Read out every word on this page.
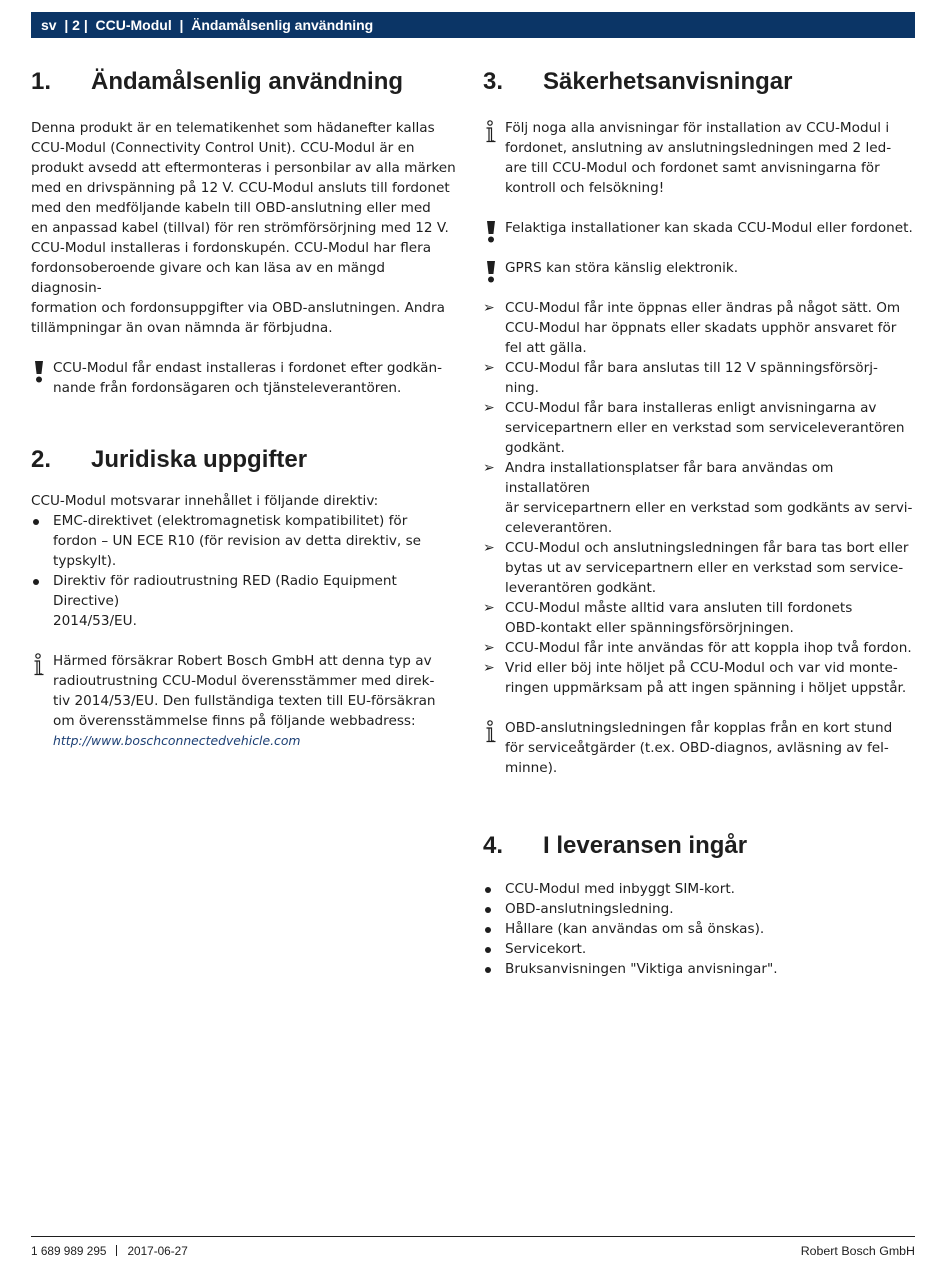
sv  | 2 |  CCU-Modul  |  Ändamålsenlig användning
1. Ändamålsenlig användning

Denna produkt är en telematikenhet som hädanefter kallas
CCU-Modul (Connectivity Control Unit). CCU-Modul är en
produkt avsedd att eftermonteras i personbilar av alla märken
med en drivspänning på 12 V. CCU-Modul ansluts till fordonet
med den medföljande kabeln till OBD-anslutning eller med
en anpassad kabel (tillval) för ren strömförsörjning med 12 V.
CCU-Modul installeras i fordonskupén. CCU-Modul har flera
fordonsoberoende givare och kan läsa av en mängd diagnosin-
formation och fordonsuppgifter via OBD-anslutningen. Andra
tillämpningar än ovan nämnda är förbjudna.

CCU-Modul får endast installeras i fordonet efter godkän-
nande från fordonsägaren och tjänsteleverantören.
2. Juridiska uppgifter

CCU-Modul motsvarar innehållet i följande direktiv:

EMC-direktivet (elektromagnetisk kompatibilitet) för
fordon – UN ECE R10 (för revision av detta direktiv, se
typskylt).
Direktiv för radioutrustning RED (Radio Equipment Directive)
2014/53/EU.
Härmed försäkrar Robert Bosch GmbH att denna typ av
radioutrustning CCU-Modul överensstämmer med direk-
tiv 2014/53/EU. Den fullständiga texten till EU-försäkran
om överensstämmelse finns på följande webbadress:
http://www.boschconnectedvehicle.com
3. Säkerhetsanvisningar
Följ noga alla anvisningar för installation av CCU-Modul i
fordonet, anslutning av anslutningsledningen med 2 led-
are till CCU-Modul och fordonet samt anvisningarna för
kontroll och felsökning!
Felaktiga installationer kan skada CCU-Modul eller fordonet.
GPRS kan störa känslig elektronik.
➢ CCU-Modul får inte öppnas eller ändras på något sätt. Om
CCU-Modul har öppnats eller skadats upphör ansvaret för
fel att gälla.
➢ CCU-Modul får bara anslutas till 12 V spänningsförsörj-
ning.
➢ CCU-Modul får bara installeras enligt anvisningarna av
servicepartnern eller en verkstad som serviceleverantören
godkänt.
➢ Andra installationsplatser får bara användas om installatören
är servicepartnern eller en verkstad som godkänts av servi-
celeverantören.
➢ CCU-Modul och anslutningsledningen får bara tas bort eller
bytas ut av servicepartnern eller en verkstad som service-
leverantören godkänt.
➢ CCU-Modul måste alltid vara ansluten till fordonets
OBD-kontakt eller spänningsförsörjningen.
➢ CCU-Modul får inte användas för att koppla ihop två fordon.
➢ Vrid eller böj inte höljet på CCU-Modul och var vid monte-
ringen uppmärksam på att ingen spänning i höljet uppstår.
OBD-anslutningsledningen får kopplas från en kort stund
för serviceåtgärder (t.ex. OBD-diagnos, avläsning av fel-
minne).
4. I leveransen ingår
CCU-Modul med inbyggt SIM-kort.
OBD-anslutningsledning.
Hållare (kan användas om så önskas).
Servicekort.
Bruksanvisningen "Viktiga anvisningar".
1 689 989 295 2017-06-27	Robert Bosch GmbH
